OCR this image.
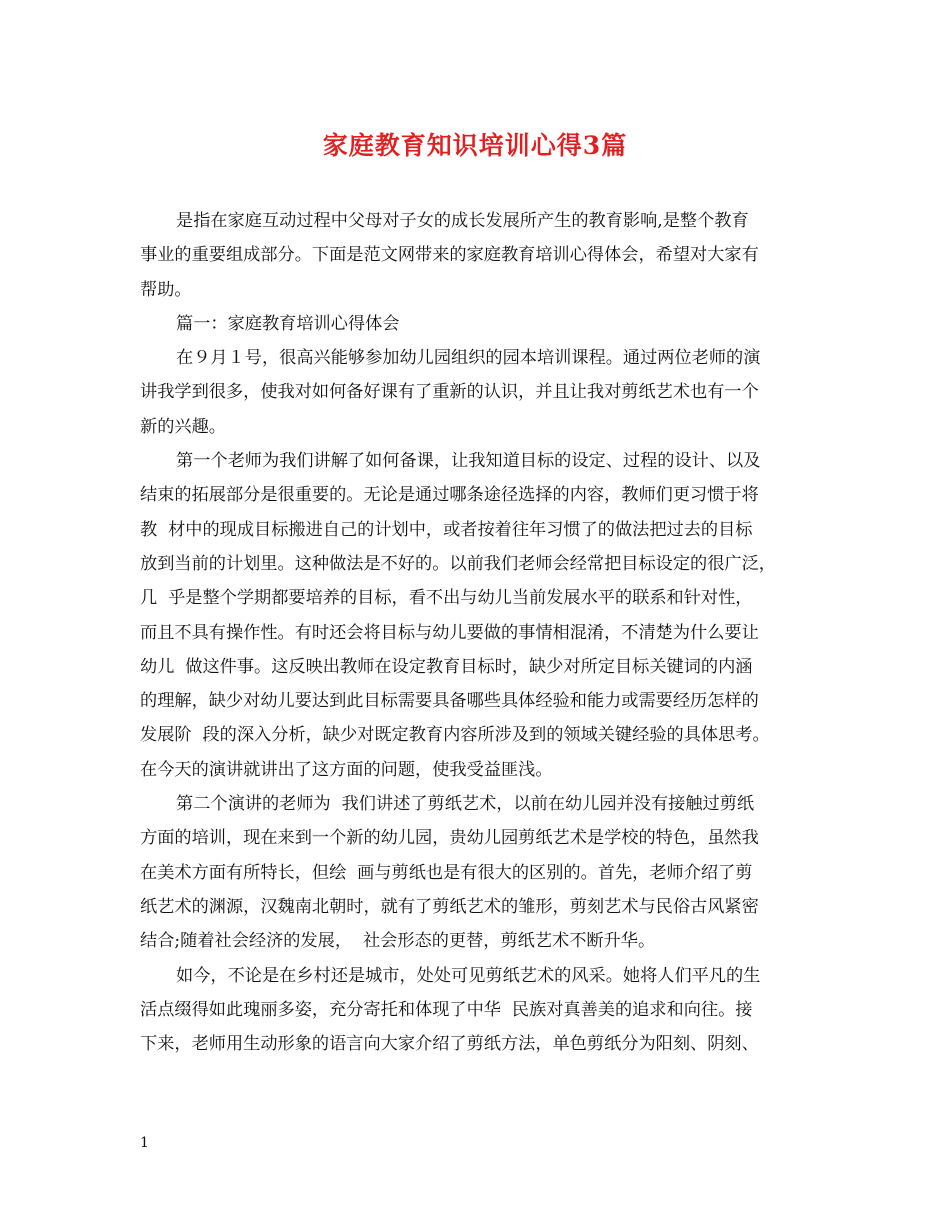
家庭教育知识培训心得3篇
是指在家庭互动过程中父母对子女的成长发展所产生的教育影响,是整个教育
事业的重要组成部分。下面是范文网带来的家庭教育培训心得体会，希望对大家有
帮助。
篇一：家庭教育培训心得体会
在９月１号，很高兴能够参加幼儿园组织的园本培训课程。通过两位老师的演
讲我学到很多，使我对如何备好课有了重新的认识，并且让我对剪纸艺术也有一个
新的兴趣。
第一个老师为我们讲解了如何备课，让我知道目标的设定、过程的设计、以及
结束的拓展部分是很重要的。无论是通过哪条途径选择的内容，教师们更习惯于将
教  材中的现成目标搬进自己的计划中，或者按着往年习惯了的做法把过去的目标
放到当前的计划里。这种做法是不好的。以前我们老师会经常把目标设定的很广泛，
几  乎是整个学期都要培养的目标，看不出与幼儿当前发展水平的联系和针对性，
而且不具有操作性。有时还会将目标与幼儿要做的事情相混淆，不清楚为什么要让
幼儿  做这件事。这反映出教师在设定教育目标时，缺少对所定目标关键词的内涵
的理解，缺少对幼儿要达到此目标需要具备哪些具体经验和能力或需要经历怎样的
发展阶  段的深入分析，缺少对既定教育内容所涉及到的领域关键经验的具体思考。
在今天的演讲就讲出了这方面的问题，使我受益匪浅。
第二个演讲的老师为  我们讲述了剪纸艺术，以前在幼儿园并没有接触过剪纸
方面的培训，现在来到一个新的幼儿园，贵幼儿园剪纸艺术是学校的特色，虽然我
在美术方面有所特长，但绘  画与剪纸也是有很大的区别的。首先，老师介绍了剪
纸艺术的渊源，汉魏南北朝时，就有了剪纸艺术的雏形，剪刻艺术与民俗古风紧密
结合;随着社会经济的发展，  社会形态的更替，剪纸艺术不断升华。
如今，不论是在乡村还是城市，处处可见剪纸艺术的风采。她将人们平凡的生
活点缀得如此瑰丽多姿，充分寄托和体现了中华  民族对真善美的追求和向往。接
下来，老师用生动形象的语言向大家介绍了剪纸方法，单色剪纸分为阳刻、阴刻、
1
